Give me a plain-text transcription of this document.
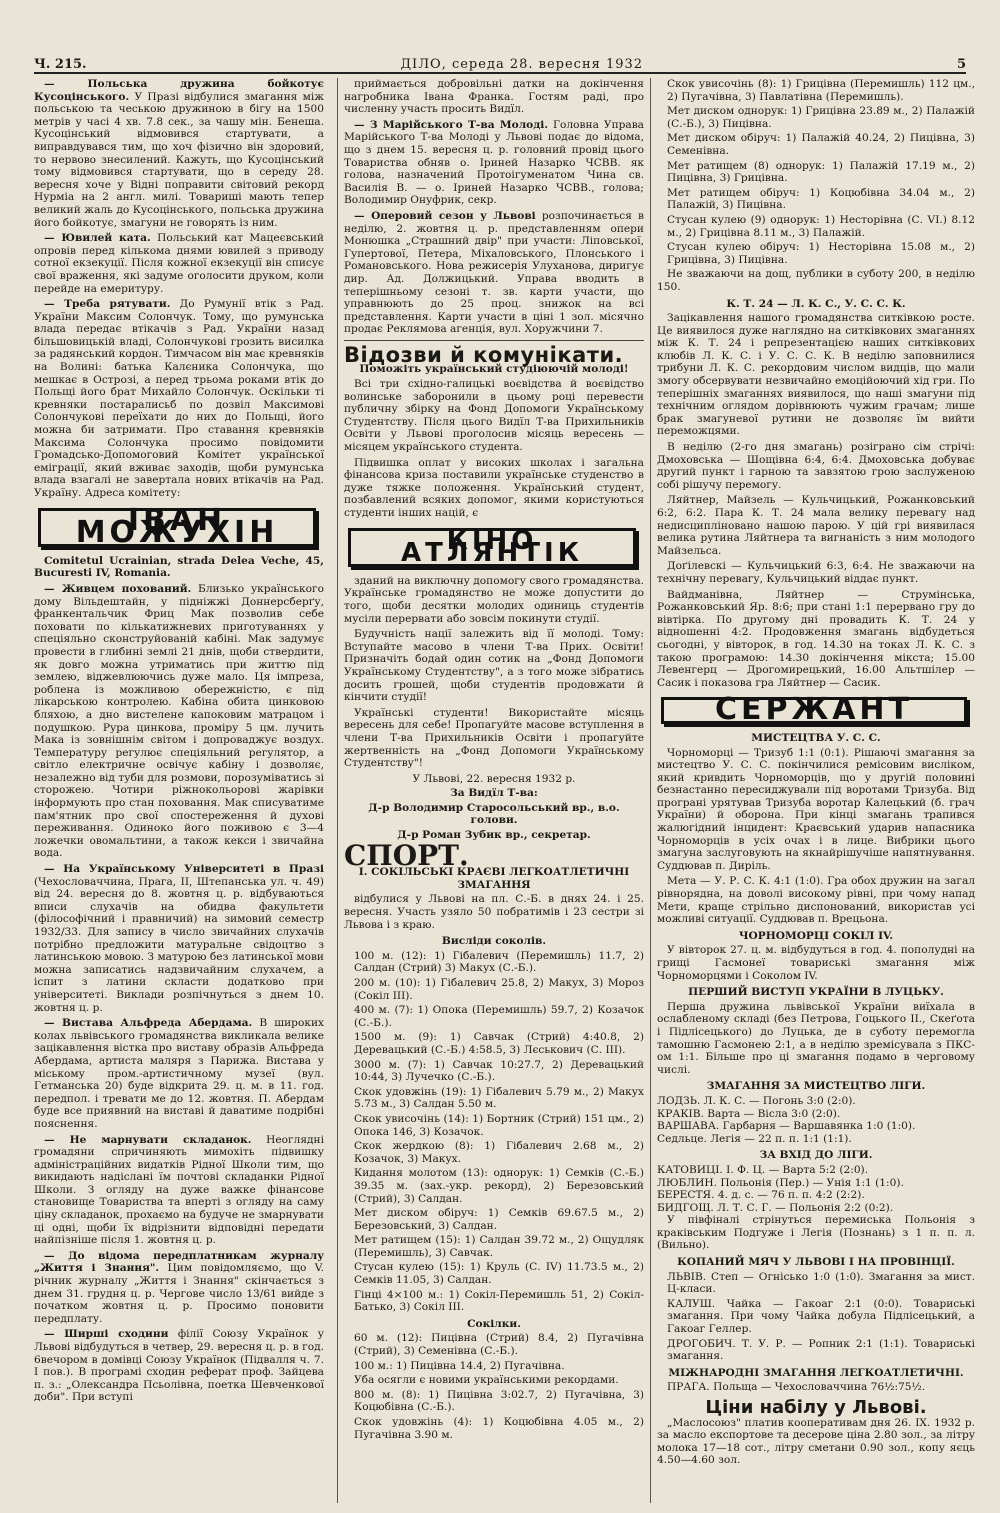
Ч. 215.	ДІЛО, середа 28. вересня 1932	5

— Польська дружина бойкотує Кусоцінського. У Празі відбулися змагання між польською та чеською дружиною в бігу на 1500 метрів у часі 4 хв. 7.8 сек., за чашу мін. Бенеша. Кусоцінський відмовився стартувати, а виправдувався тим, що хоч фізично він здоровий, то нервово знесилений. Кажуть, що Кусоцінський тому відмовився стартувати, що в середу 28. вересня хоче у Відні поправити світовий рекорд Нурміа на 2 англ. милі. Товариші мають тепер великий жаль до Кусоцінського, польська дружина його бойкотує, змагуни не говорять із ним.

— Ювилей ката. Польський кат Мацеєвський опровів перед кількома днями ювилей з приводу сотної екзекуції. Після кожної екзекуції він списує свої враження, які задуме оголосити друком, коли перейде на емеритуру.

— Треба рятувати. До Румунії втік з Рад. України Максим Солончук. Тому, що румунська влада передає втікачів з Рад. України назад більшовицькій владі, Солончукові грозить висилка за радянський кордон. Тимчасом він має кревняків на Волині: батька Калєника Солончука, що мешкає в Острозі, а перед трьома роками втік до Польщі його брат Михайло Солончук. Оскільки ті кревняки постаралисьб по дозвіл Максимові Солончукові переїхати до них до Польщі, його можна би затримати. Про ставання кревняків Максима Солончука просимо повідомити Громадсько-Допомоговий Комітет української еміграції, який вживає заходів, щоби румунська влада взагалі не завертала нових втікачів на Рад. Україну. Адреса комітету:

ІВАН МОЖУХІН

Comitetul Ucrainian, strada Delea Veche, 45, Bucuresti IV, Romania.

— Живцем похований. Близько українського дому Вільдештайн, у підніжжі Доннерсберґу, франкентальчик Фриц Мак позволив себе поховати по кількатижневих приготуваннях у спеціяльно сконструйованій кабіні. Мак задумує провести в глибині землі 21 днів, щоби ствердити, як довго можна утриматись при життю під землею, віджевлюючись дуже мало. Ця імпреза, роблена із можливою обережністю, є під лікарською контролею. Кабіна обита цинковою бляхою, а дно вистелене капоковим матрацом і подушкою. Рура цинкова, проміру 5 цм. лучить Мака із зовнішнім світом і допроваджує воздух. Температуру регулює спеціяльний регулятор, а світло електричне освічує кабіну і дозволяє, незалежно від туби для розмови, порозуміватись зі сторожею. Чотири ріжнокольорові жарівки інформують про стан поховання. Мак списуватиме пам'ятник про свої спостереження й духові переживання. Одиноко його поживою є 3—4 ложечки овомальтини, а також кекси і звичайна вода.

— На Українському Університеті в Празі (Чехословаччина, Прага, II, Штепанська ул. ч. 49) від 24. вересня до 8. жовтня ц. р. відбуваються вписи слухачів на обидва факультети (філософічний і правничий) на зимовий семестр 1932/33. Для запису в число звичайних слухачів потрібно предложити матуральне свідоцтво з латинською мовою. З матурою без латинської мови можна записатись надзвичайним слухачем, а іспит з латини скласти додатково при університеті. Виклади розпічнуться з днем 10. жовтня ц. р.

— Вистава Альфреда Абердама. В широких колах львівського громадянства викликала велике зацікавлення вістка про виставу образів Альфреда Абердама, артиста маляря з Парижа. Вистава у міському пром.-артистичному музеї (вул. Гетманська 20) буде відкрита 29. ц. м. в 11. год. передпол. і тревати ме до 12. жовтня. П. Абердам буде все приявний на виставі й даватиме подрібні пояснення.

— Не марнувати складанок. Неоглядні громадяни спричиняють мимохіть підвишку адміністраційних видатків Рідної Школи тим, що викидають надіслані їм почтові складанки Рідної Школи. З огляду на дуже важке фінансове становище Товариства та вперті з огляду на саму ціну складанок, прохаємо на будуче не змарнувати ці одні, щоби їх відрізнити відповідні передати найпізніше після 1. жовтня ц. р.

— До відома передплатникам журналу „Життя і Знання". Цим повідомляємо, що V. річник журналу „Життя і Знання" скінчається з днем 31. грудня ц. р. Чергове число 13/61 вийде з початком жовтня ц. р. Просимо поновити передплату.

— Ширші сходини філії Союзу Українок у Львові відбудуться в четвер, 29. вересня ц. р. в год. 6вечором в домівці Союзу Українок (Підвалля ч. 7. I пов.). В програмі сходин реферат проф. Зайцева п. з.: „Олександра Псьолівна, поетка Шевченкової доби". При вступі

приймається добровільні датки на докінчення нагробника Івана Франка. Гостям раді, про численну участь просить Видїл.

— З Марійського Т-ва Молоді. Головна Управа Марійського Т-ва Молоді у Львові подає до відома, що з днем 15. вересня ц. р. головний провід цього Товариства обняв о. Іриней Назарко ЧСВВ. як голова, назначений Протоігуменатом Чина св. Василія В. — о. Іриней Назарко ЧСВВ., голова; Володимир Онуфрик, секр.

— Оперовий сезон у Львові розпочинається в неділю, 2. жовтня ц. р. представленням опери Монюшка „Страшний двір" при участи: Ліповської, Гупертової, Петера, Міхаловського, Плонського і Романовського. Нова режисерія Улуханова, диригує дир. Ад. Должицький. Управа вводить в теперішньому сезоні т. зв. карти участи, що управнюють до 25 проц. знижок на всі представлення. Карти участи в ціні 1 зол. місячно продає Реклямова агенція, вул. Хоружчини 7.

Відозви й комунікати.
Поможіть український студіюючій молоді!

Всі три східно-галицькі воєвідства й воєвідство волинське заборонили в цьому році перевести публичну збірку на Фонд Допомоги Українському Студентству. Після цього Видїл Т-ва Прихильників Освіти у Львові проголосив місяць вересень — місяцем українського студента.

Підвишка оплат у високих школах і загальна фінансова криза поставили українське студенство в дуже тяжке положення. Український студент, позбавлений всяких допомог, якими користуються студенти інших націй, є

КІНО АТЛЯНТІК

зданий на виключну допомогу свого громадянства. Українське громадянство не може допустити до того, щоби десятки молодих одиниць студентів мусіли перервати або зовсім покинути студії.

Будучність нації залежить від її молоді. Тому: Вступайте масово в члени Т-ва Прих. Освіти! Призначіть бодай один сотик на „Фонд Допомоги Українському Студентству", а з того може зібратись досить грошей, щоби студентів продовжати й кінчити студії!

Українські студенти! Використайте місяць вересень для себе! Пропагуйте масове вступлення в члени Т-ва Прихильників Освіти і пропагуйте жертвенність на „Фонд Допомоги Українському Студентству"!

У Львові, 22. вересня 1932 р.
За Видїл Т-ва:
Д-р Володимир Старосольський вр., в.о. голови.
Д-р Роман Зубик вр., секретар.
СПОРТ.
I. СОКІЛЬСЬКІ КРАЄВІ ЛЕГКОАТЛЕТИЧНІ ЗМАГАННЯ

відбулися у Львові на пл. С.-Б. в днях 24. і 25. вересня. Участь узяло 50 побратимів і 23 сестри зі Львова і з краю.

Висліди соколів.

100 м. (12): 1) Гібалевич (Перемишль) 11.7, 2) Салдан (Стрий) 3) Макух (С.-Б.).

200 м. (10): 1) Гібалевич 25.8, 2) Макух, 3) Мороз (Сокіл III).

400 м. (7): 1) Опока (Перемишль) 59.7, 2) Козачок (С.-Б.).

1500 м. (9): 1) Савчак (Стрий) 4:40.8, 2) Деревацький (С.-Б.) 4:58.5, 3) Лєськович (С. III).

3000 м. (7): 1) Савчак 10:27.7, 2) Деревацький 10:44, 3) Лучечко (С.-Б.).

Скок удовжінь (19): 1) Гібалевич 5.79 м., 2) Макух 5.73 м., 3) Салдан 5.50 м.

Скок увисочінь (14): 1) Бортник (Стрий) 151 цм., 2) Опока 146, 3) Козачок.

Скок жердкою (8): 1) Гібалевич 2.68 м., 2) Козачок, 3) Макух.

Кидання молотом (13): однорук: 1) Семків (С.-Б.) 39.35 м. (зах.-укр. рекорд), 2) Березовський (Стрий), 3) Салдан.

Мет диском обіруч: 1) Семків 69.67.5 м., 2) Березовський, 3) Салдан.

Мет ратищем (15): 1) Салдан 39.72 м., 2) Ощудляк (Перемишль), 3) Савчак.

Стусан кулею (15): 1) Круль (С. IV) 11.73.5 м., 2) Семків 11.05, 3) Салдан.

Гінці 4×100 м.: 1) Сокіл-Перемишль 51, 2) Сокіл-Батько, 3) Сокіл III.

Сокілки.

60 м. (12): Пицівна (Стрий) 8.4, 2) Пугачівна (Стрий), 3) Семенівна (С.-Б.).

100 м.: 1) Пицівна 14.4, 2) Пугачівна.

Уба осягли є новими українськими рекордами.

800 м. (8): 1) Пицівна 3:02.7, 2) Пугачівна, 3) Коцюбівна (С.-Б.).

Скок удовжінь (4): 1) Коцюбівна 4.05 м., 2) Пугачівна 3.90 м.

Скок увисочінь (8): 1) Грицівна (Перемишль) 112 цм., 2) Пугачівна, 3) Павлатівна (Перемишль).

Мет диском однорук: 1) Грицівна 23.89 м., 2) Палажій (С.-Б.), 3) Пицівна.

Мет диском обіруч: 1) Палажій 40.24, 2) Пицівна, 3) Семенівна.

Мет ратищем (8) однорук: 1) Палажій 17.19 м., 2) Пицівна, 3) Грицівна.

Мет ратищем обіруч: 1) Коцюбівна 34.04 м., 2) Палажій, 3) Пицівна.

Стусан кулею (9) однорук: 1) Несторівна (С. VI.) 8.12 м., 2) Грицівна 8.11 м., 3) Палажій.

Стусан кулею обіруч: 1) Несторівна 15.08 м., 2) Грицівна, 3) Пицівна.

Не зважаючи на дощ, публики в суботу 200, в неділю 150.

К. Т. 24 — Л. К. С., У. С. С. К.

Зацікавлення нашого громадянства ситківкою росте. Це виявилося дуже наглядно на ситківкових змаганнях між К. Т. 24 і репрезентацією наших ситківкових клюбів Л. К. С. і У. С. С. К. В неділю заповнилися трибуни Л. К. С. рекордовим числом видців, що мали змогу обсервувати незвичайно емоційоючий хід гри. По теперішніх змаганнях виявилося, що наші змагуни під технічним оглядом дорівнюють чужим грачам; лише брак змагуневої рутини не дозволяє їм вийти переможцями.

В неділю (2-го дня змагань) розіграно сім стрічі: Дмоховська — Шощівна 6:4, 6:4. Дмоховська добуває другий пункт і гарною та завзятою грою заслуженою собі рішучу перемогу.

Ляйтнер, Майзель — Кульчицький, Рожанковський 6:2, 6:2. Пара К. Т. 24 мала велику перевагу над недисципліновано нашою парою. У цій грі виявилася велика рутина Ляйтнера та вигнаність з ним молодого Майзельса.

Доґілевскі — Кульчицький 6:3, 6:4. Не зважаючи на технічну перевагу, Кульчицький віддає пункт.

Вайдманівна, Ляйтнер — Струмінська, Рожанковський Яр. 8:6; при стані 1:1 перервано гру до вівтірка. По другому дні провадить К. Т. 24 у відношенні 4:2. Продовження змагань відбудеться сьогодні, у вівторок, в год. 14.30 на токах Л. К. С. з такою програмою: 14.30 докінчення мікста; 15.00 Левенгерц — Дрогомирецький, 16.00 Альтшілер — Сасик і показова гра Ляйтнер — Сасик.

СЕРЖАНТ
МИСТЕЦТВА У. С. С.

Чорноморці — Тризуб 1:1 (0:1). Рішаючі змагання за мистецтво У. С. С. покінчилися ремісовим висліком, який кривдить Чорноморців, що у другій половині безнастанно пересиджували під воротами Тризуба. Від програні урятував Тризуба воротар Калецький (б. грач України) й оборона. При кінці змагань трапився жалюгідний інцидент: Краєвський ударив напасника Чорноморців в усіх очах і в лице. Вибрики цього змагуна заслуговують на якнайрішучіше напятнування. Суддював п. Диріль.

Мета — У. Р. С. К. 4:1 (1:0). Гра обох дружин на загал рівнорядна, на доволі високому рівні, при чому напад Мети, краще стрільно диспонований, використав усі можливі ситуації. Суддював п. Врецьона.

ЧОРНОМОРЦІ СОКІЛ IV.

У вівторок 27. ц. м. відбудуться в год. 4. пополудні на грищі Гасмонеї товариські змагання між Чорноморцями і Соколом IV.

ПЕРШИЙ ВИСТУП УКРАЇНИ В ЛУЦЬКУ.

Перша дружина львівської України виїхала в ослабленому складі (без Петрова, Гоцького II., Скеґота і Підлісецького) до Луцька, де в суботу перемогла тамошню Гасмонею 2:1, а в неділю зремісувала з ПКС-ом 1:1. Більше про ці змагання подамо в черговому числі.

ЗМАГАННЯ ЗА МИСТЕЦТВО ЛІГИ.

ЛОДЗЬ. Л. К. С. — Погонь 3:0 (2:0).

КРАКІВ. Варта — Вісла 3:0 (2:0).

ВАРШАВА. Гарбарня — Варшавянка 1:0 (1:0).

Седльце. Легія — 22 п. п. 1:1 (1:1).

ЗА ВХІД ДО ЛІГИ.

КАТОВИЦІ. I. Ф. Ц. — Варта 5:2 (2:0).

ЛЮБЛИН. Польонія (Пер.) — Унія 1:1 (1:0).

БЕРЕСТЯ. 4. д. с. — 76 п. п. 4:2 (2:2).

БИДГОЩ. Л. Т. С. Г. — Польонія 2:2 (0:2).

У півфіналі стрінуться перемиська Польонія з краківським Подгуже і Легія (Познань) з 1 п. п. л. (Вильно).

КОПАНИЙ МЯЧ У ЛЬВОВІ І НА ПРОВІНЦІЇ.

ЛЬВІВ. Степ — Огнісько 1:0 (1:0). Змагання за мист. Ц-класи.

КАЛУШ. Чайка — Гакоаг 2:1 (0:0). Товариські змагання. При чому Чайка добула Підлісецький, а Гакоаг Геллер.

ДРОГОБИЧ. Т. У. Р. — Ропник 2:1 (1:1). Товариські змагання.

МІЖНАРОДНІ ЗМАГАННЯ ЛЕГКОАТЛЕТИЧНІ.

ПРАГА. Польща — Чехословаччина 76½:75½.

Ціни набілу у Львові.

„Маслосоюз" платив кооперативам дня 26. IX. 1932 р. за масло експортове та десерове ціна 2.80 зол., за літру молока 17—18 сот., літру сметани 0.90 зол., копу яєць 4.50—4.60 зол.
